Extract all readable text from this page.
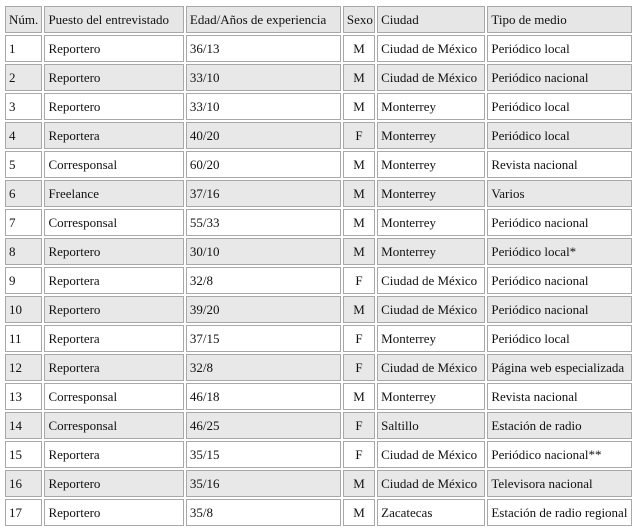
Núm.	Puesto del entrevistado	Edad/Años de experiencia	Sexo	Ciudad	Tipo de medio
1	Reportero	36/13	M	Ciudad de México	Periódico local
2	Reportero	33/10	M	Ciudad de México	Periódico nacional
3	Reportero	33/10	M	Monterrey	Periódico local
4	Reportera	40/20	F	Monterrey	Periódico local
5	Corresponsal	60/20	M	Monterrey	Revista nacional
6	Freelance	37/16	M	Monterrey	Varios
7	Corresponsal	55/33	M	Monterrey	Periódico nacional
8	Reportero	30/10	M	Monterrey	Periódico local*
9	Reportera	32/8	F	Ciudad de México	Periódico nacional
10	Reportero	39/20	M	Ciudad de México	Periódico nacional
11	Reportera	37/15	F	Monterrey	Periódico local
12	Reportera	32/8	F	Ciudad de México	Página web especializada
13	Corresponsal	46/18	M	Monterrey	Revista nacional
14	Corresponsal	46/25	F	Saltillo	Estación de radio
15	Reportera	35/15	F	Ciudad de México	Periódico nacional**
16	Reportero	35/16	M	Ciudad de México	Televisora nacional
17	Reportero	35/8	M	Zacatecas	Estación de radio regional
